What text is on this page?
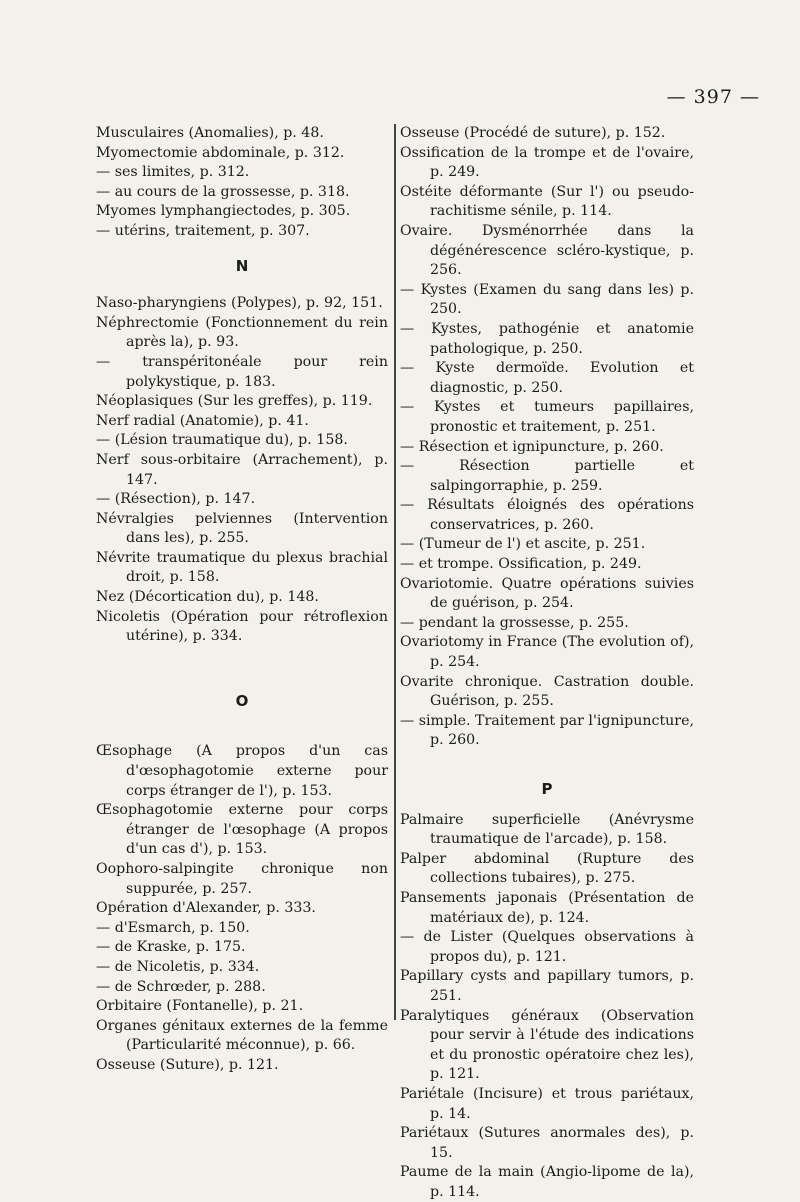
— 397 —
Musculaires (Anomalies), p. 48.
Myomectomie abdominale, p. 312.
— ses limites, p. 312.
— au cours de la grossesse, p. 318.
Myomes lymphangiectodes, p. 305.
— utérins, traitement, p. 307.
N
Naso-pharyngiens (Polypes), p. 92, 151.
Néphrectomie (Fonctionnement du rein après la), p. 93.
— transpéritonéale pour rein polykystique, p. 183.
Néoplasiques (Sur les greffes), p. 119.
Nerf radial (Anatomie), p. 41.
— (Lésion traumatique du), p. 158.
Nerf sous-orbitaire (Arrachement), p. 147.
— (Résection), p. 147.
Névralgies pelviennes (Intervention dans les), p. 255.
Névrite traumatique du plexus brachial droit, p. 158.
Nez (Décortication du), p. 148.
Nicoletis (Opération pour rétroflexion utérine), p. 334.
O
Œsophage (A propos d'un cas d'œsophagotomie externe pour corps étranger de l'), p. 153.
Œsophagotomie externe pour corps étranger de l'œsophage (A propos d'un cas d'), p. 153.
Oophoro-salpingite chronique non suppurée, p. 257.
Opération d'Alexander, p. 333.
— d'Esmarch, p. 150.
— de Kraske, p. 175.
— de Nicoletis, p. 334.
— de Schrœder, p. 288.
Orbitaire (Fontanelle), p. 21.
Organes génitaux externes de la femme (Particularité méconnue), p. 66.
Osseuse (Suture), p. 121.
Osseuse (Procédé de suture), p. 152.
Ossification de la trompe et de l'ovaire, p. 249.
Ostéite déformante (Sur l') ou pseudo-rachitisme sénile, p. 114.
Ovaire. Dysménorrhée dans la dégénérescence scléro-kystique, p. 256.
— Kystes (Examen du sang dans les) p. 250.
— Kystes, pathogénie et anatomie pathologique, p. 250.
— Kyste dermoïde. Evolution et diagnostic, p. 250.
— Kystes et tumeurs papillaires, pronostic et traitement, p. 251.
— Résection et ignipuncture, p. 260.
— Résection partielle et salpingorraphie, p. 259.
— Résultats éloignés des opérations conservatrices, p. 260.
— (Tumeur de l') et ascite, p. 251.
— et trompe. Ossification, p. 249.
Ovariotomie. Quatre opérations suivies de guérison, p. 254.
— pendant la grossesse, p. 255.
Ovariotomy in France (The evolution of), p. 254.
Ovarite chronique. Castration double. Guérison, p. 255.
— simple. Traitement par l'ignipuncture, p. 260.
P
Palmaire superficielle (Anévrysme traumatique de l'arcade), p. 158.
Palper abdominal (Rupture des collections tubaires), p. 275.
Pansements japonais (Présentation de matériaux de), p. 124.
— de Lister (Quelques observations à propos du), p. 121.
Papillary cysts and papillary tumors, p. 251.
Paralytiques généraux (Observation pour servir à l'étude des indications et du pronostic opératoire chez les), p. 121.
Pariétale (Incisure) et trous pariétaux, p. 14.
Pariétaux (Sutures anormales des), p. 15.
Paume de la main (Angio-lipome de la), p. 114.
